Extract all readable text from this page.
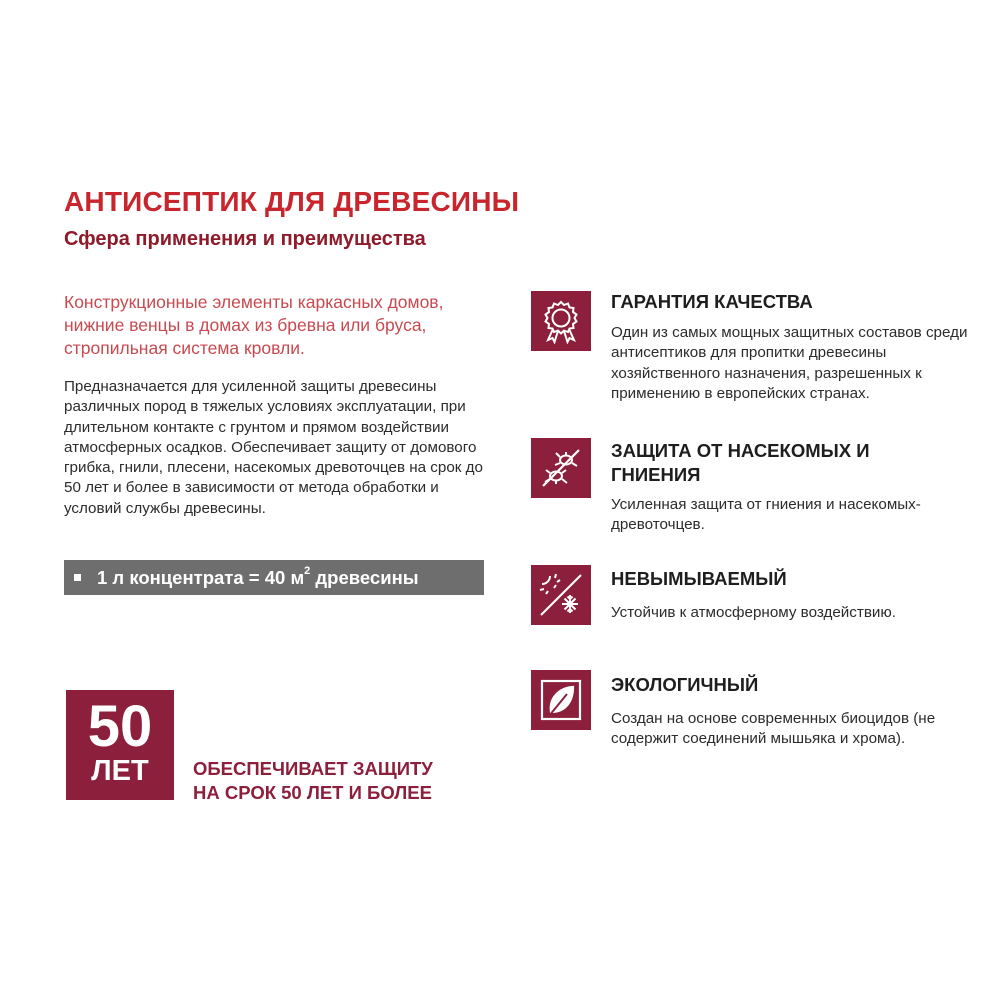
АНТИСЕПТИК ДЛЯ ДРЕВЕСИНЫ
Сфера применения и преимущества
Конструкционные элементы каркасных домов, нижние венцы в домах из бревна или бруса, стропильная система кровли.
Предназначается для усиленной защиты древесины различных пород в тяжелых условиях эксплуатации, при длительном контакте с грунтом и прямом воздействии атмосферных осадков. Обеспечивает защиту от домового грибка, гнили, плесени, насекомых древоточцев на срок до 50 лет и более в зависимости от метода обработки и условий службы древесины.
1 л концентрата = 40 $м^2$ древесины
50
ЛЕТ	ОБЕСПЕЧИВАЕТ ЗАЩИТУ
НА СРОК 50 ЛЕТ И БОЛЕЕ
ГАРАНТИЯ КАЧЕСТВА
Один из самых мощных защитных составов среди антисептиков для пропитки древесины хозяйственного назначения, разрешенных к применению в европейских странах.
ЗАЩИТА ОТ НАСЕКОМЫХ И ГНИЕНИЯ
Усиленная защита от гниения и насекомых-древоточцев.
НЕВЫМЫВАЕМЫЙ
Устойчив к атмосферному воздействию.
ЭКОЛОГИЧНЫЙ
Создан на основе современных биоцидов (не содержит соединений мышьяка и хрома).
